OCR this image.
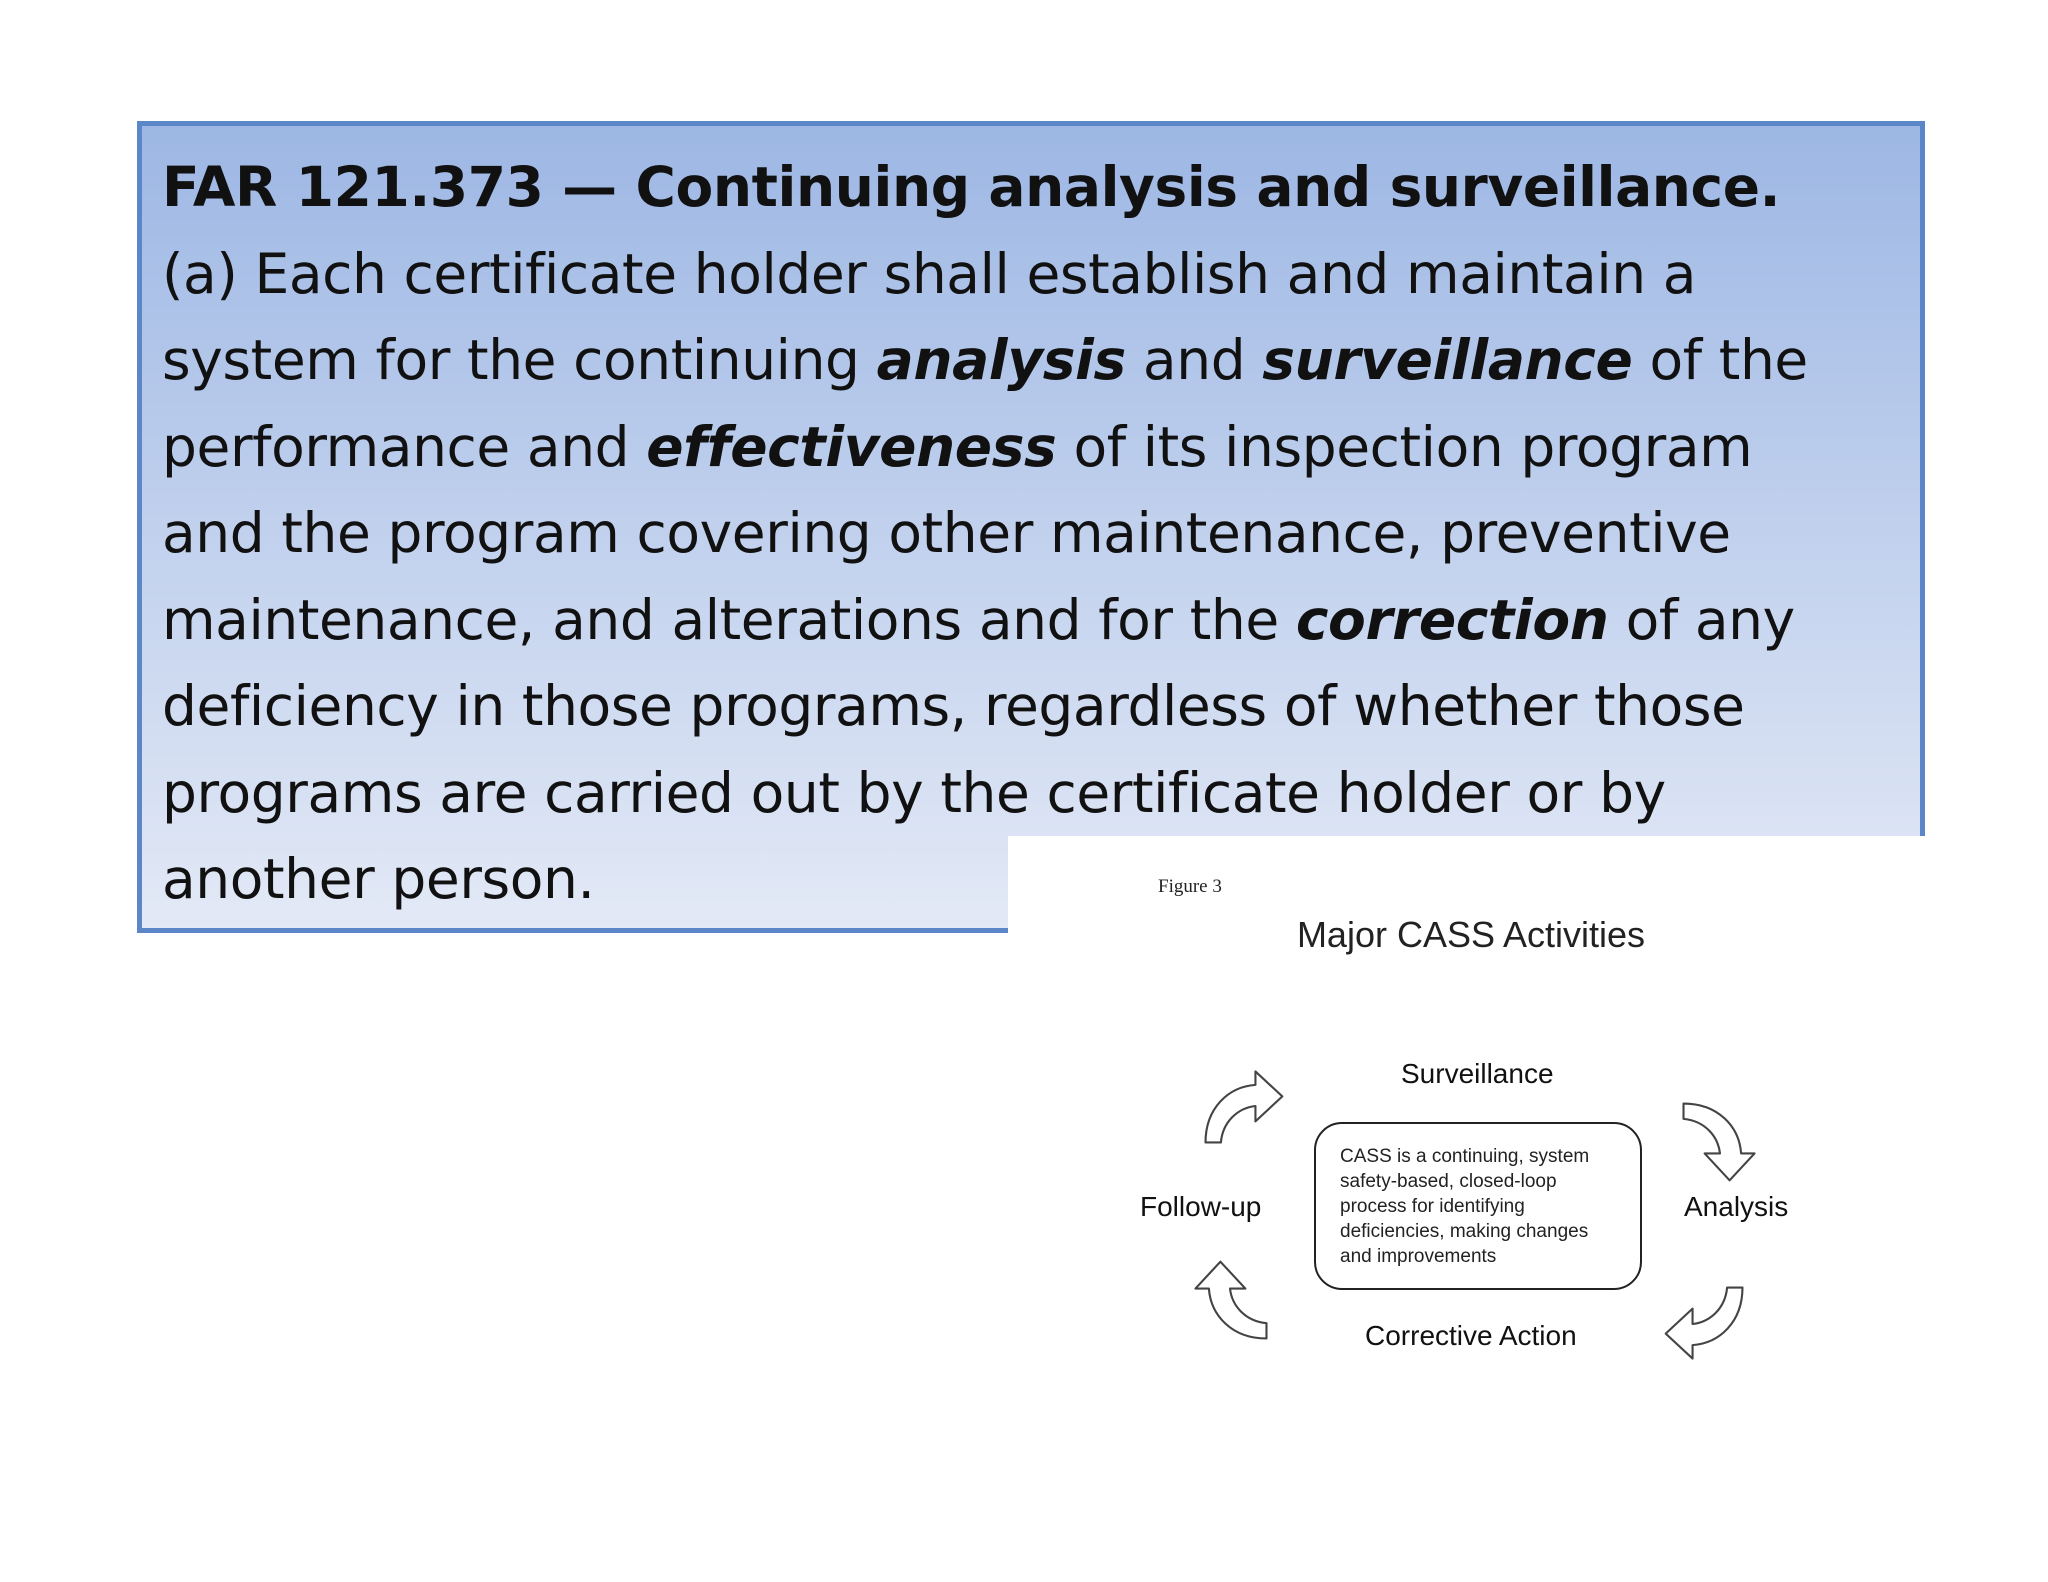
FAR 121.373 — Continuing analysis and surveillance.
(a) Each certificate holder shall establish and maintain a
system for the continuing analysis and surveillance of the
performance and effectiveness of its inspection program
and the program covering other maintenance, preventive
maintenance, and alterations and for the correction of any
deficiency in those programs, regardless of whether those
programs are carried out by the certificate holder or by
another person.	Figure 3
Major CASS Activities
Surveillance
Analysis
Corrective Action
Follow-up
CASS is a continuing, system
safety-based, closed-loop
process for identifying
deficiencies, making changes
and improvements
